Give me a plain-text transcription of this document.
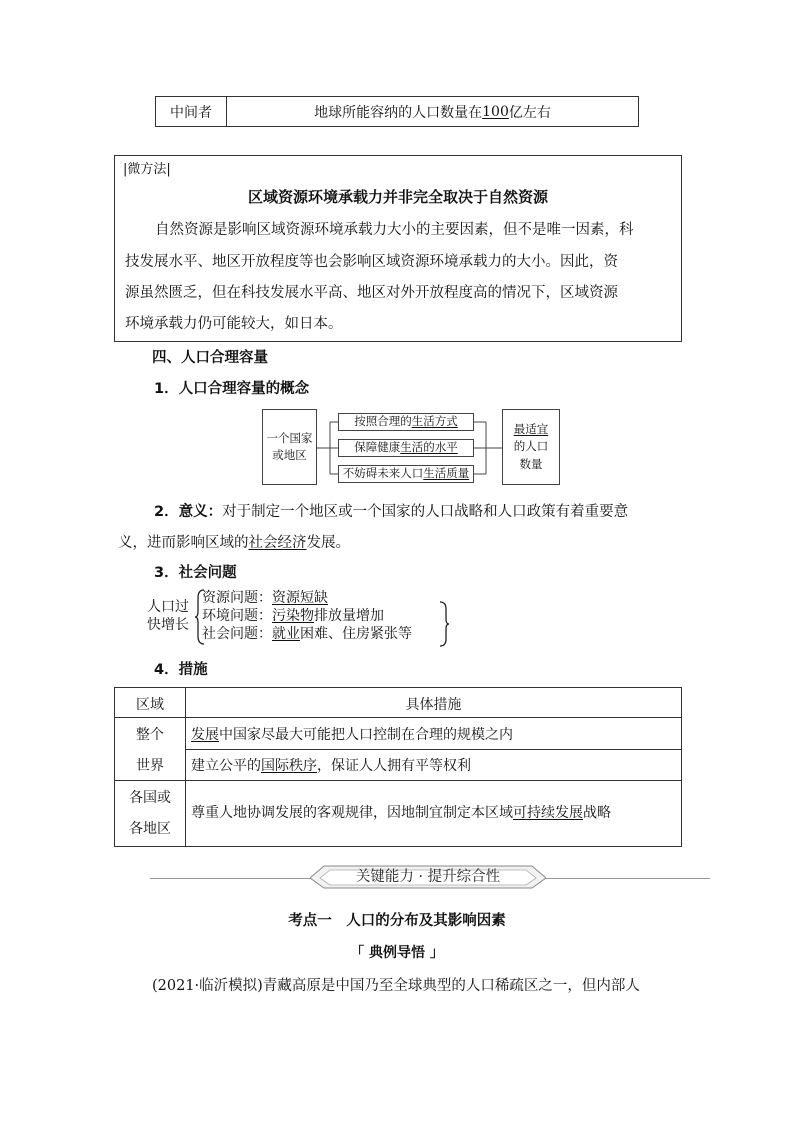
中间者	地球所能容纳的人口数量在 100 亿左右
|微方法|
区域资源环境承载力并非完全取决于自然资源
自然资源是影响区域资源环境承载力大小的主要因素，但不是唯一因素，科
技发展水平、地区开放程度等也会影响区域资源环境承载力的大小。因此，资
源虽然匮乏，但在科技发展水平高、地区对外开放程度高的情况下，区域资源
环境承载力仍可能较大，如日本。
四、人口合理容量
1．人口合理容量的概念
一个国家
或地区
按照合理的 生活方式
保障健康 生活的水平
不妨碍未来人口 生活质量
最适宜
的人口
数量
2．意义：对于制定一个地区或一个国家的人口战略和人口政策有着重要意
义，进而影响区域的社会经济发展。
3．社会问题
人口过
快增长
资源问题：资源短缺
环境问题：污染物排放量增加
社会问题：就业困难、住房紧张等
4．措施
区域	具体措施
整个
世界
发展中国家尽最大可能把人口控制在合理的规模之内
建立公平的国际秩序，保证人人拥有平等权利
各国或
各地区
尊重人地协调发展的客观规律，因地制宜制定本区域可持续发展战略
关键能力 · 提升综合性
考点一　人口的分布及其影响因素
「 典例导悟 」
(2021·临沂模拟)青藏高原是中国乃至全球典型的人口稀疏区之一，但内部人
